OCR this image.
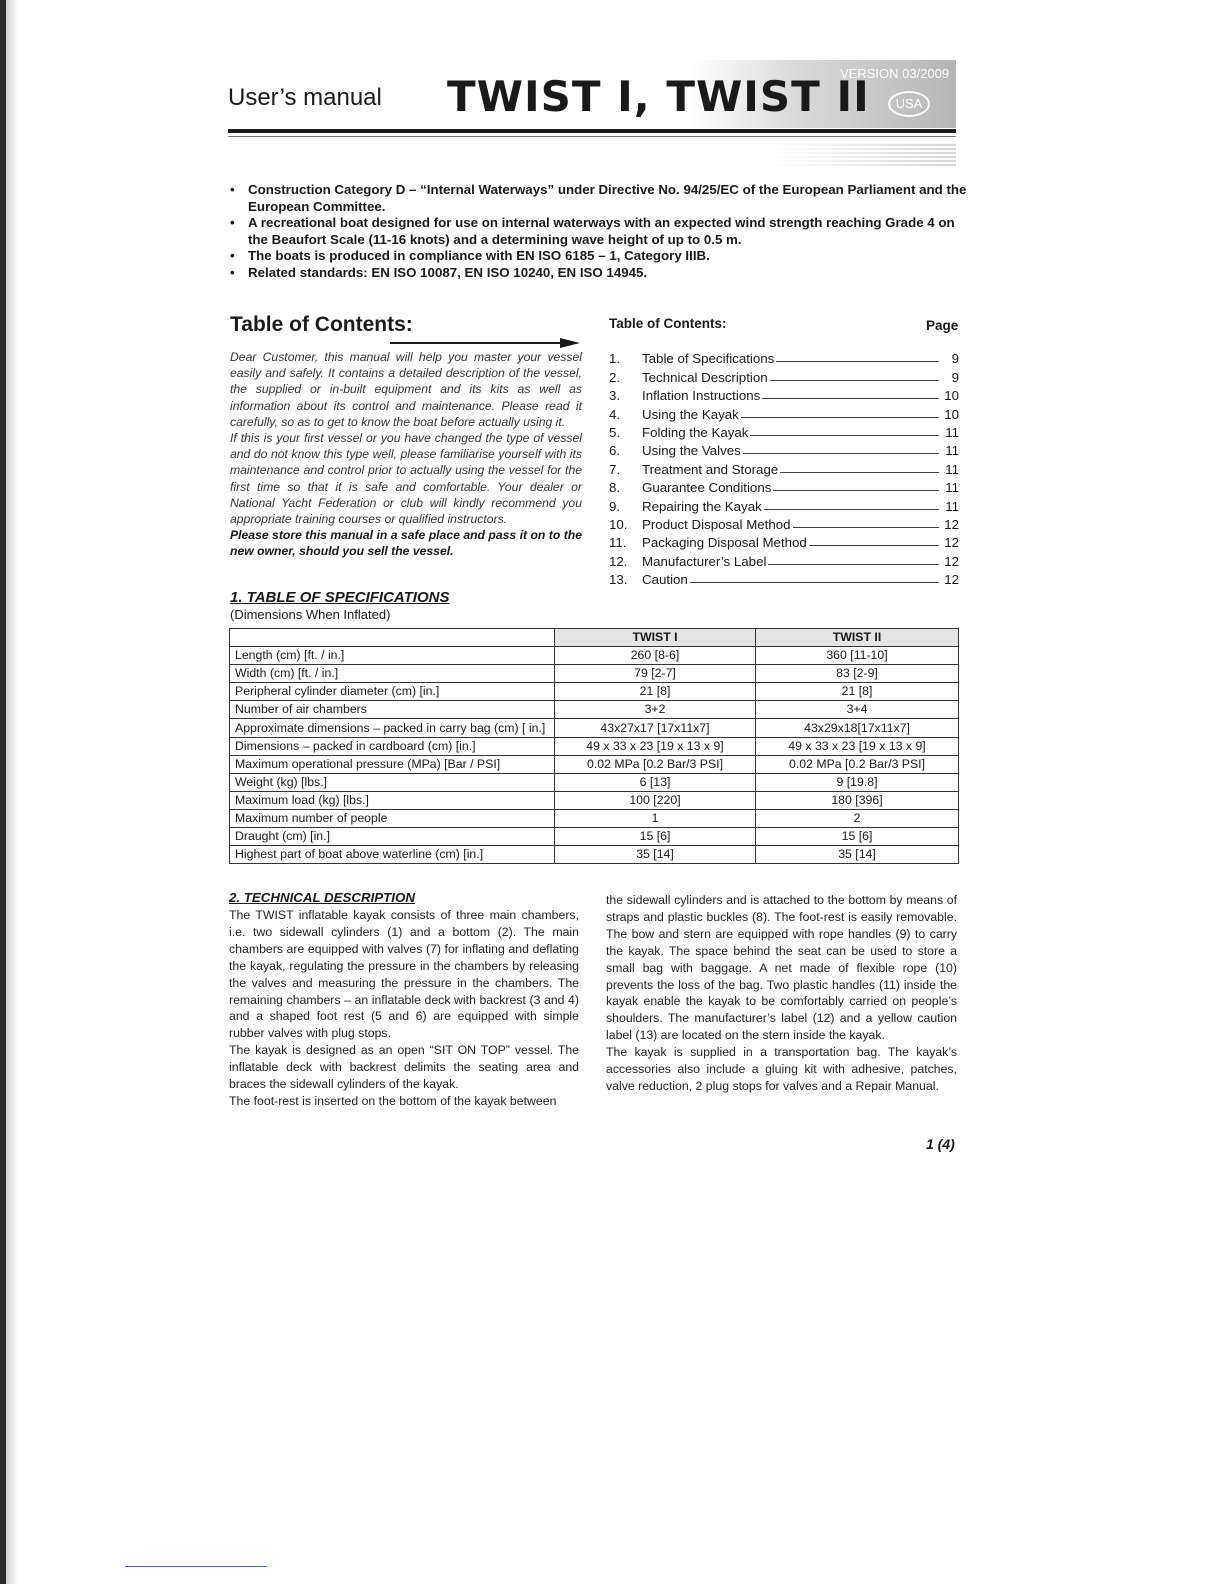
User’s manual TWIST I, TWIST II
VERSION 03/2009
USA
• Construction Category D – “Internal Waterways” under Directive No. 94/25/EC of the European Parliament and the European Committee.
• A recreational boat designed for use on internal waterways with an expected wind strength reaching Grade 4 on the Beaufort Scale (11-16 knots) and a determining wave height of up to 0.5 m.
• The boats is produced in compliance with EN ISO 6185 – 1, Category IIIB.
• Related standards: EN ISO 10087, EN ISO 10240, EN ISO 14945.
Table of Contents:

Dear Customer, this manual will help you master your vessel easily and safely. It contains a detailed description of the vessel, the supplied or in-built equipment and its kits as well as information about its control and maintenance. Please read it carefully, so as to get to know the boat before actually using it.

If this is your first vessel or you have changed the type of vessel and do not know this type well, please familiarise yourself with its maintenance and control prior to actually using the vessel for the first time so that it is safe and comfortable. Your dealer or National Yacht Federation or club will kindly recommend you appropriate training courses or qualified instructors.

Please store this manual in a safe place and pass it on to the new owner, should you sell the vessel.

Table of Contents:	Page
1.	Table of Specifications	9
2.	Technical Description	9
3.	Inflation Instructions	10
4.	Using the Kayak	10
5.	Folding the Kayak	11
6.	Using the Valves	11
7.	Treatment and Storage	11
8.	Guarantee Conditions	11
9.	Repairing the Kayak	11
10.	Product Disposal Method	12
11.	Packaging Disposal Method	12
12.	Manufacturer’s Label	12
13.	Caution	12
1. TABLE OF SPECIFICATIONS
(Dimensions When Inflated)
	TWIST I	TWIST II
Length (cm) [ft. / in.]	260 [8-6]	360 [11-10]
Width (cm) [ft. / in.]	79 [2-7]	83 [2-9]
Peripheral cylinder diameter (cm) [in.]	21 [8]	21 [8]
Number of air chambers	3+2	3+4
Approximate dimensions – packed in carry bag (cm) [ in.]	43x27x17 [17x11x7]	43x29x18[17x11x7]
Dimensions – packed in cardboard (cm) [in.]	49 x 33 x 23 [19 x 13 x 9]	49 x 33 x 23 [19 x 13 x 9]
Maximum operational pressure (MPa) [Bar / PSI]	0.02 MPa [0.2 Bar/3 PSI]	0.02 MPa [0.2 Bar/3 PSI]
Weight (kg) [lbs.]	6 [13]	9 [19.8]
Maximum load (kg) [lbs.]	100 [220]	180 [396]
Maximum number of people	1	2
Draught (cm) [in.]	15 [6]	15 [6]
Highest part of boat above waterline (cm) [in.]	35 [14]	35 [14]
2. TECHNICAL DESCRIPTION

The TWIST inflatable kayak consists of three main chambers, i.e. two sidewall cylinders (1) and a bottom (2). The main chambers are equipped with valves (7) for inflating and deflating the kayak, regulating the pressure in the chambers by releasing the valves and measuring the pressure in the chambers. The remaining chambers – an inflatable deck with backrest (3 and 4) and a shaped foot rest (5 and 6) are equipped with simple rubber valves with plug stops.

The kayak is designed as an open “SIT ON TOP” vessel. The inflatable deck with backrest delimits the seating area and braces the sidewall cylinders of the kayak.

The foot-rest is inserted on the bottom of the kayak between

the sidewall cylinders and is attached to the bottom by means of straps and plastic buckles (8). The foot-rest is easily removable. The bow and stern are equipped with rope handles (9) to carry the kayak. The space behind the seat can be used to store a small bag with baggage. A net made of flexible rope (10) prevents the loss of the bag. Two plastic handles (11) inside the kayak enable the kayak to be comfortably carried on people’s shoulders. The manufacturer’s label (12) and a yellow caution label (13) are located on the stern inside the kayak.

The kayak is supplied in a transportation bag. The kayak’s accessories also include a gluing kit with adhesive, patches, valve reduction, 2 plug stops for valves and a Repair Manual.

1 (4)
